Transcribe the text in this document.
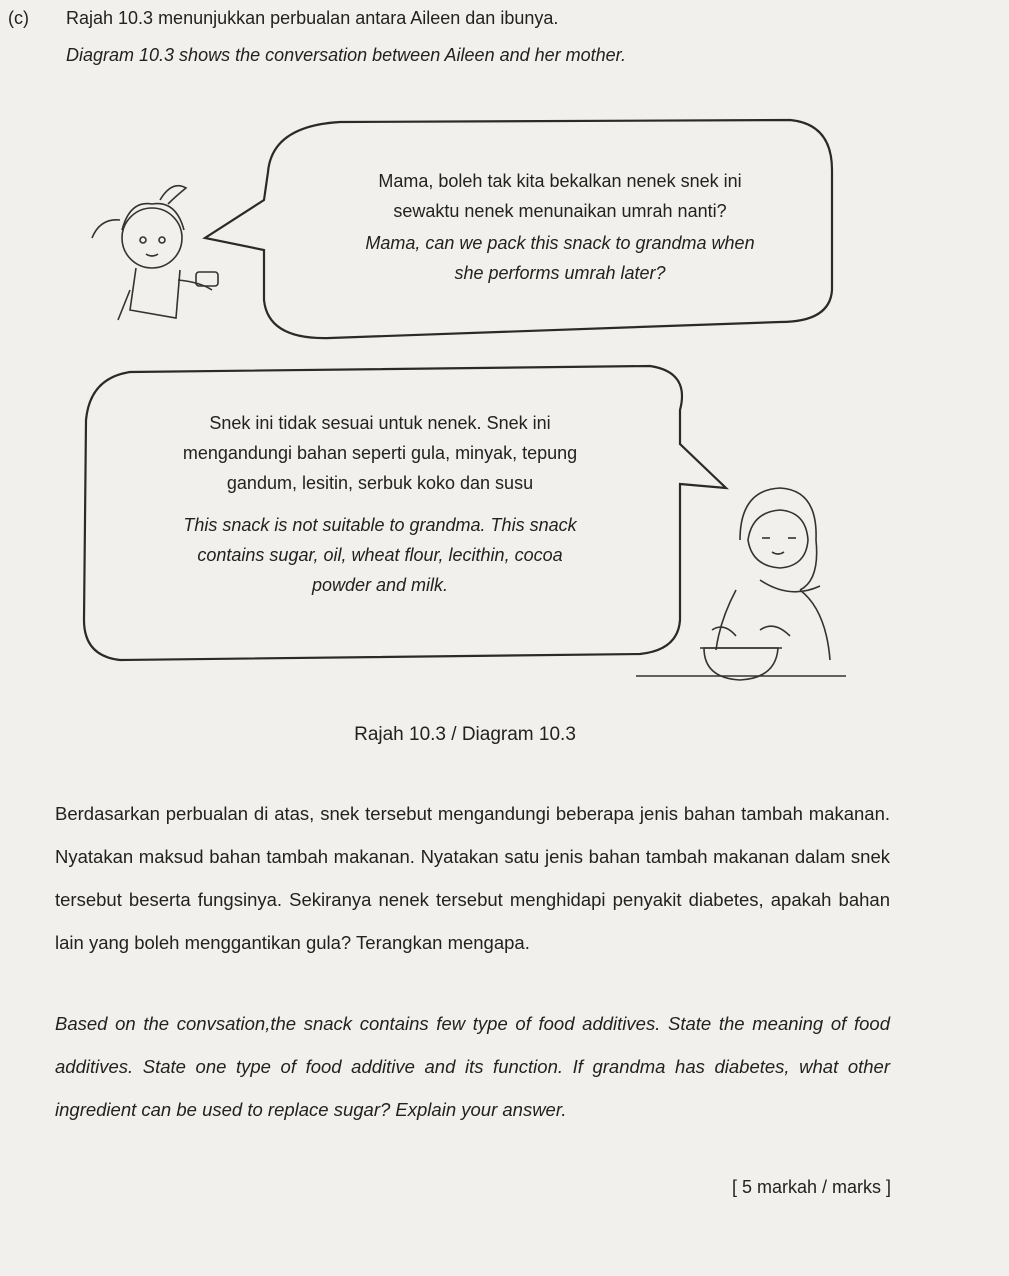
(c) Rajah 10.3 menunjukkan perbualan antara Aileen dan ibunya.
Diagram 10.3 shows the conversation between Aileen and her mother.
Mama, boleh tak kita bekalkan nenek snek ini
sewaktu nenek menunaikan umrah nanti?
Mama, can we pack this snack to grandma when
she performs umrah later?
Snek ini tidak sesuai untuk nenek. Snek ini
mengandungi bahan seperti gula, minyak, tepung
gandum, lesitin, serbuk koko dan susu
This snack is not suitable to grandma. This snack
contains sugar, oil, wheat flour, lecithin, cocoa
powder and milk.
Rajah 10.3 / Diagram 10.3
Berdasarkan perbualan di atas, snek tersebut mengandungi beberapa jenis bahan tambah makanan. Nyatakan maksud bahan tambah makanan. Nyatakan satu jenis bahan tambah makanan dalam snek tersebut beserta fungsinya. Sekiranya nenek tersebut menghidapi penyakit diabetes, apakah bahan lain yang boleh menggantikan gula? Terangkan mengapa.
Based on the convsation,the snack contains few type of food additives. State the meaning of food additives. State one type of food additive and its function. If grandma has diabetes, what other ingredient can be used to replace sugar? Explain your answer.
[ 5 markah / marks ]
